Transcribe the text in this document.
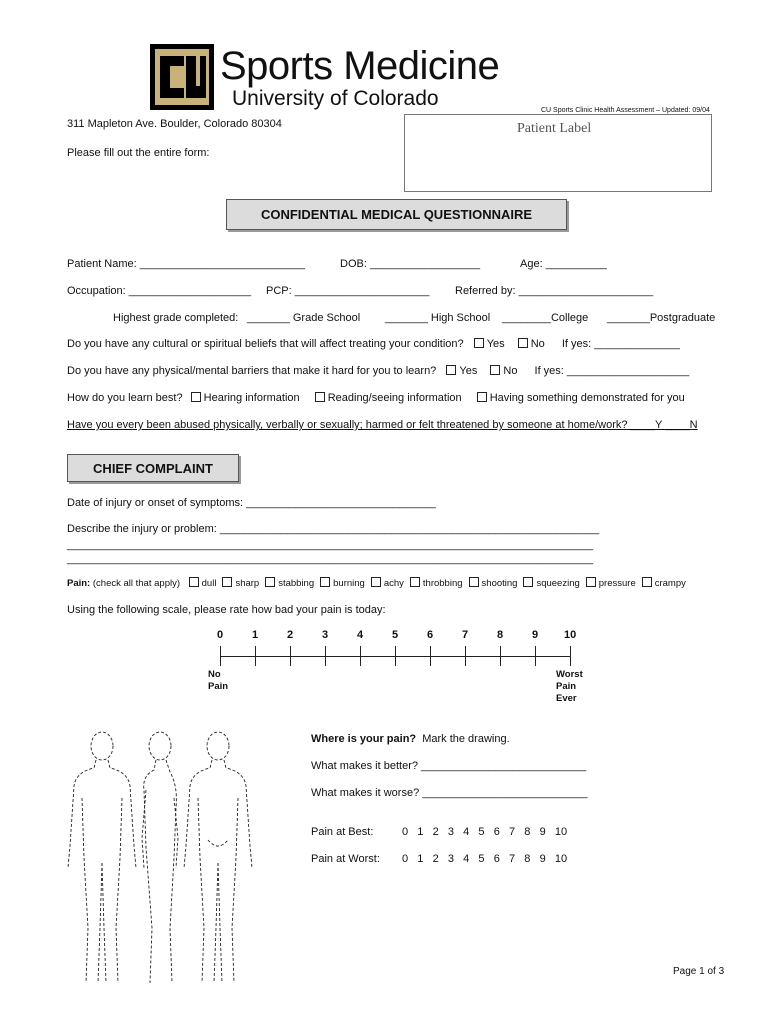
Sports Medicine
University of Colorado
CU Sports Clinic Health Assessment – Updated: 09/04
311 Mapleton Ave. Boulder, Colorado 80304
Please fill out the entire form:
Patient Label
CONFIDENTIAL MEDICAL QUESTIONNAIRE
Patient Name: ___________________________	DOB: __________________	Age: __________
Occupation: ____________________ PCP: ______________________ Referred by: ______________________
Highest grade completed: _______ Grade School _______ High School ________College _______Postgraduate
Do you have any cultural or spiritual beliefs that will affect treating your condition? Yes No If yes: ______________
Do you have any physical/mental barriers that make it hard for you to learn? Yes No If yes: ____________________
How do you learn best? Hearing information	Reading/seeing information	Having something demonstrated for you
Have you every been abused physically, verbally or sexually; harmed or felt threatened by someone at home/work? ____Y ____N
CHIEF COMPLAINT
Date of injury or onset of symptoms: _______________________________
Describe the injury or problem: ______________________________________________________________
______________________________________________________________________________________
______________________________________________________________________________________
Pain: (check all that apply) dull sharp stabbing burning achy throbbing shooting squeezing pressure crampy
Using the following scale, please rate how bad your pain is today:
0	1	2	3	4	5	6	7	8	9 10
No Pain
Worst Pain Ever
Where is your pain? Mark the drawing.
What makes it better? ___________________________
What makes it worse? ___________________________
Pain at Best:	0   1   2   3   4   5   6   7   8   9   10
Pain at Worst: 0   1   2   3   4   5   6   7   8   9   10
Page 1 of 3
